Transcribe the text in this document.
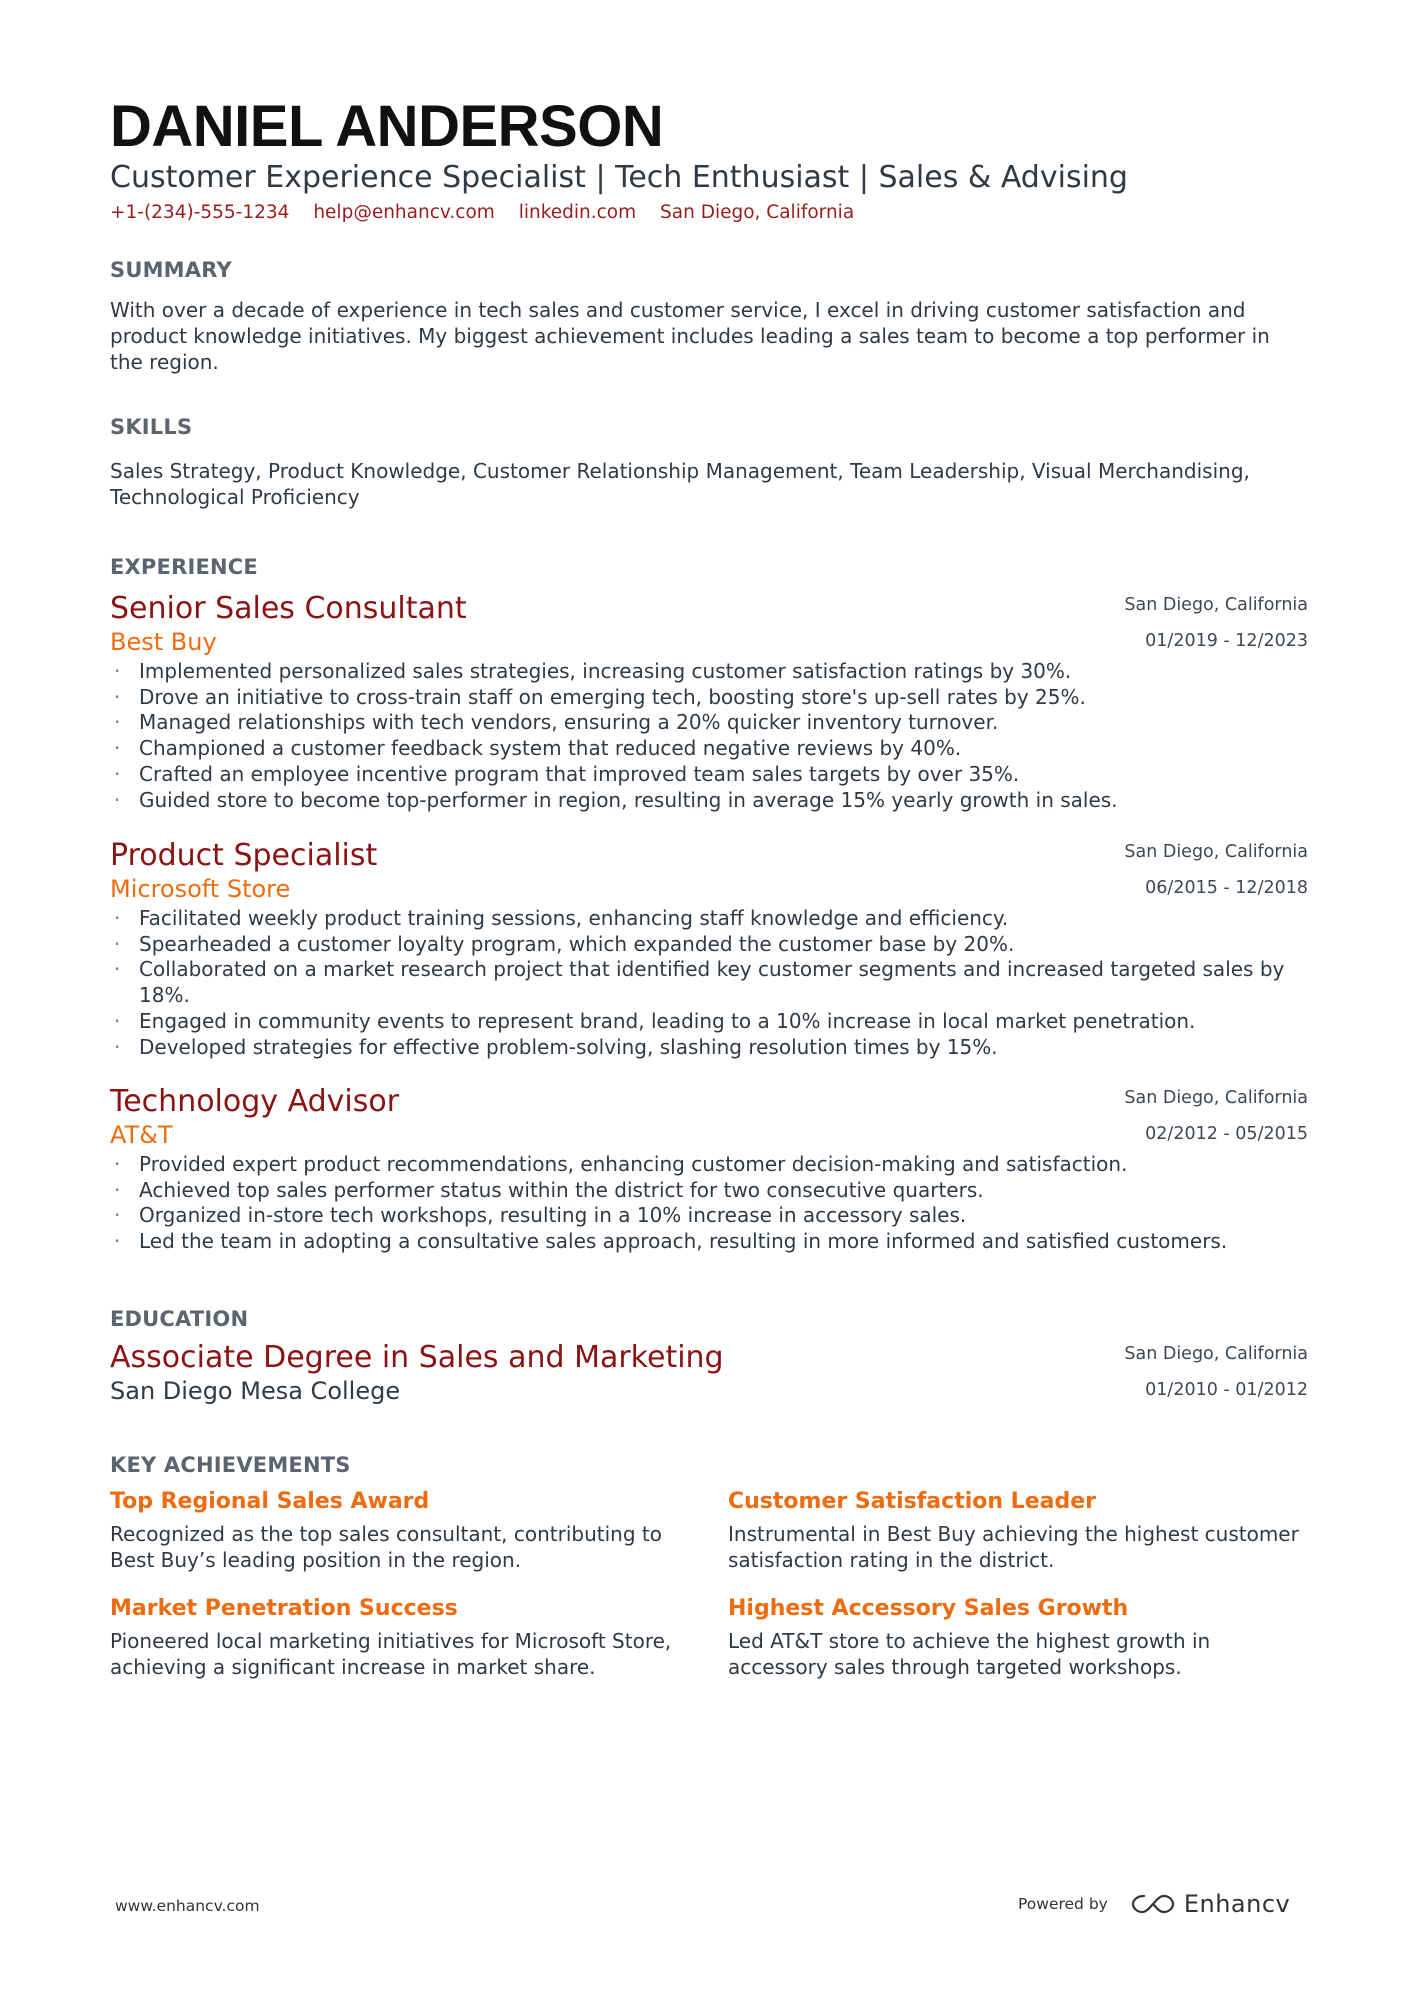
DANIEL ANDERSON
Customer Experience Specialist | Tech Enthusiast | Sales & Advising
+1-(234)-555-1234 help@enhancv.com linkedin.com San Diego, California
SUMMARY
With over a decade of experience in tech sales and customer service, I excel in driving customer satisfaction and product knowledge initiatives. My biggest achievement includes leading a sales team to become a top performer in the region.
SKILLS
Sales Strategy, Product Knowledge, Customer Relationship Management, Team Leadership, Visual Merchandising, Technological Proficiency
EXPERIENCE
Senior Sales Consultant
Best Buy
San Diego, California
01/2019 - 12/2023
· Implemented personalized sales strategies, increasing customer satisfaction ratings by 30%.
· Drove an initiative to cross-train staff on emerging tech, boosting store's up-sell rates by 25%.
· Managed relationships with tech vendors, ensuring a 20% quicker inventory turnover.
· Championed a customer feedback system that reduced negative reviews by 40%.
· Crafted an employee incentive program that improved team sales targets by over 35%.
· Guided store to become top-performer in region, resulting in average 15% yearly growth in sales.
Product Specialist
Microsoft Store
San Diego, California
06/2015 - 12/2018
· Facilitated weekly product training sessions, enhancing staff knowledge and efficiency.
· Spearheaded a customer loyalty program, which expanded the customer base by 20%.
· Collaborated on a market research project that identified key customer segments and increased targeted sales by 18%.
· Engaged in community events to represent brand, leading to a 10% increase in local market penetration.
· Developed strategies for effective problem-solving, slashing resolution times by 15%.
Technology Advisor
AT&T
San Diego, California
02/2012 - 05/2015
· Provided expert product recommendations, enhancing customer decision-making and satisfaction.
· Achieved top sales performer status within the district for two consecutive quarters.
· Organized in-store tech workshops, resulting in a 10% increase in accessory sales.
· Led the team in adopting a consultative sales approach, resulting in more informed and satisfied customers.
EDUCATION
Associate Degree in Sales and Marketing
San Diego Mesa College
San Diego, California
01/2010 - 01/2012
KEY ACHIEVEMENTS
Top Regional Sales Award
Recognized as the top sales consultant, contributing to Best Buy’s leading position in the region.
Customer Satisfaction Leader
Instrumental in Best Buy achieving the highest customer satisfaction rating in the district.
Market Penetration Success
Pioneered local marketing initiatives for Microsoft Store, achieving a significant increase in market share.
Highest Accessory Sales Growth
Led AT&T store to achieve the highest growth in accessory sales through targeted workshops.
www.enhancv.com	Powered by	Enhancv
